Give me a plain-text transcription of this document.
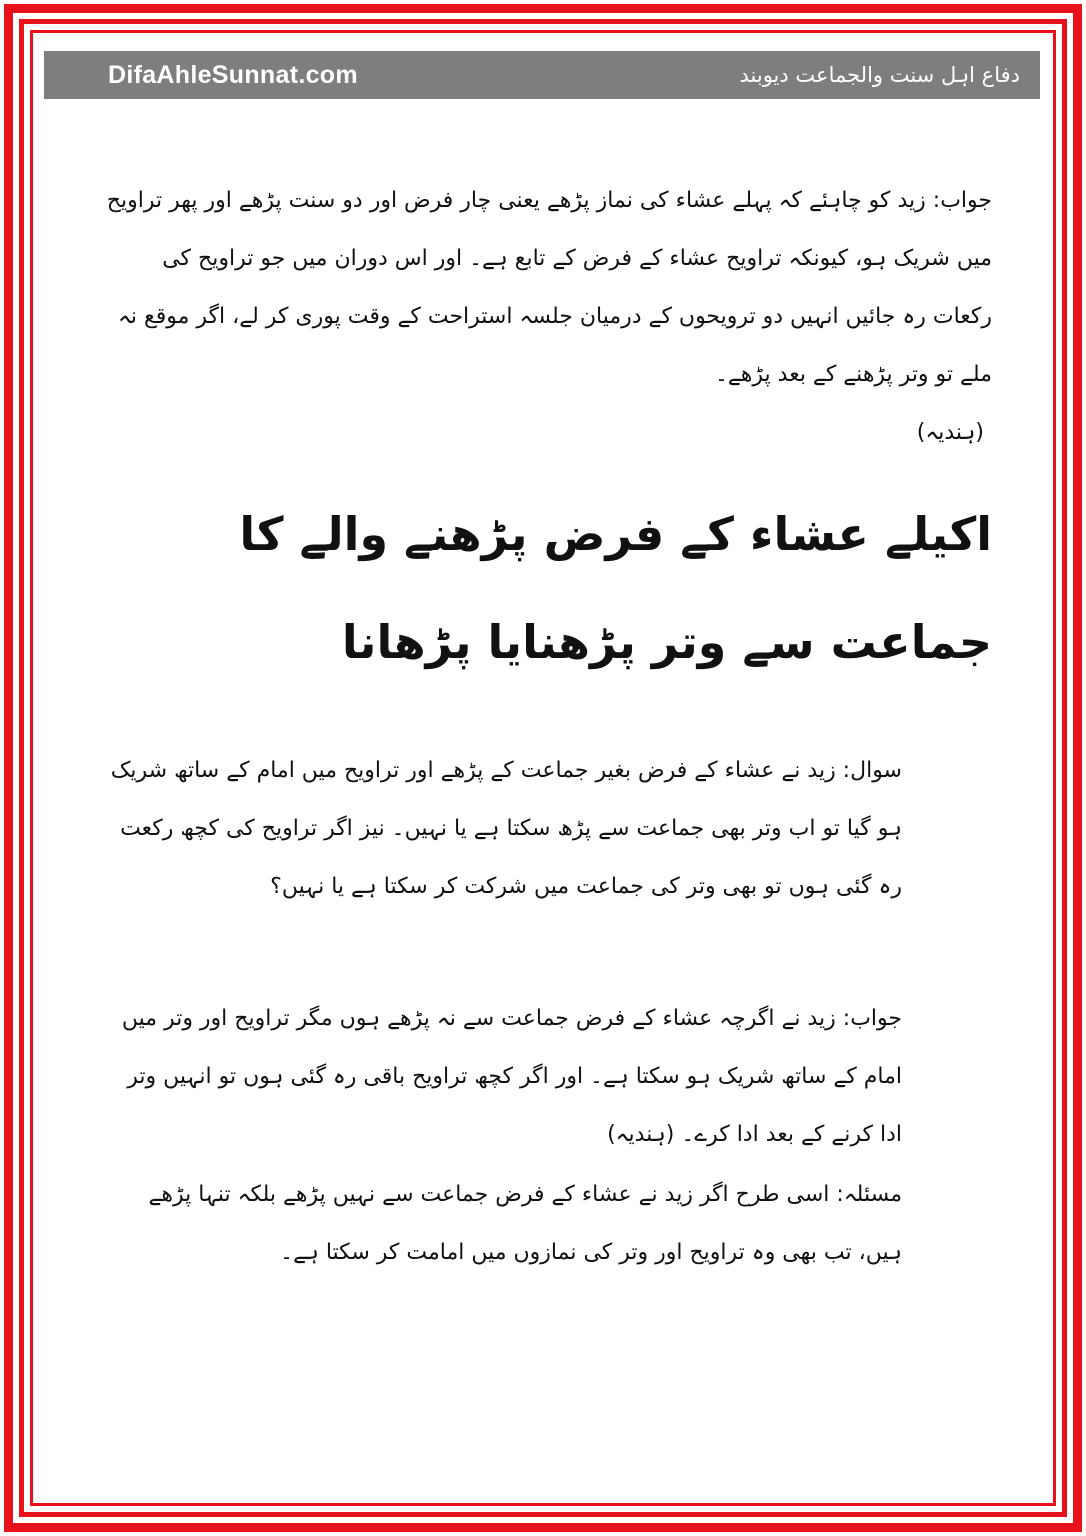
DifaAhleSunnat.com	دفاع اہل سنت والجماعت دیوبند

جواب: زید کو چاہئے کہ پہلے عشاء کی نماز پڑھے یعنی چار فرض اور دو سنت پڑھے اور پھر تراویح میں شریک ہو، کیونکہ تراویح عشاء کے فرض کے تابع ہے۔ اور اس دوران میں جو تراویح کی رکعات رہ جائیں انہیں دو ترویحوں کے درمیان جلسہ استراحت کے وقت پوری کر لے، اگر موقع نہ ملے تو وتر پڑھنے کے بعد پڑھے۔

(ہندیہ)

اکیلے عشاء کے فرض پڑھنے والے کا جماعت سے وتر پڑھنایا پڑھانا

سوال: زید نے عشاء کے فرض بغیر جماعت کے پڑھے اور تراویح میں امام کے ساتھ شریک ہو گیا تو اب وتر بھی جماعت سے پڑھ سکتا ہے یا نہیں۔ نیز اگر تراویح کی کچھ رکعت رہ گئی ہوں تو بھی وتر کی جماعت میں شرکت کر سکتا ہے یا نہیں؟

جواب: زید نے اگرچہ عشاء کے فرض جماعت سے نہ پڑھے ہوں مگر تراویح اور وتر میں امام کے ساتھ شریک ہو سکتا ہے۔ اور اگر کچھ تراویح باقی رہ گئی ہوں تو انہیں وتر ادا کرنے کے بعد ادا کرے۔ (ہندیہ)

مسئلہ: اسی طرح اگر زید نے عشاء کے فرض جماعت سے نہیں پڑھے بلکہ تنہا پڑھے ہیں، تب بھی وہ تراویح اور وتر کی نمازوں میں امامت کر سکتا ہے۔
